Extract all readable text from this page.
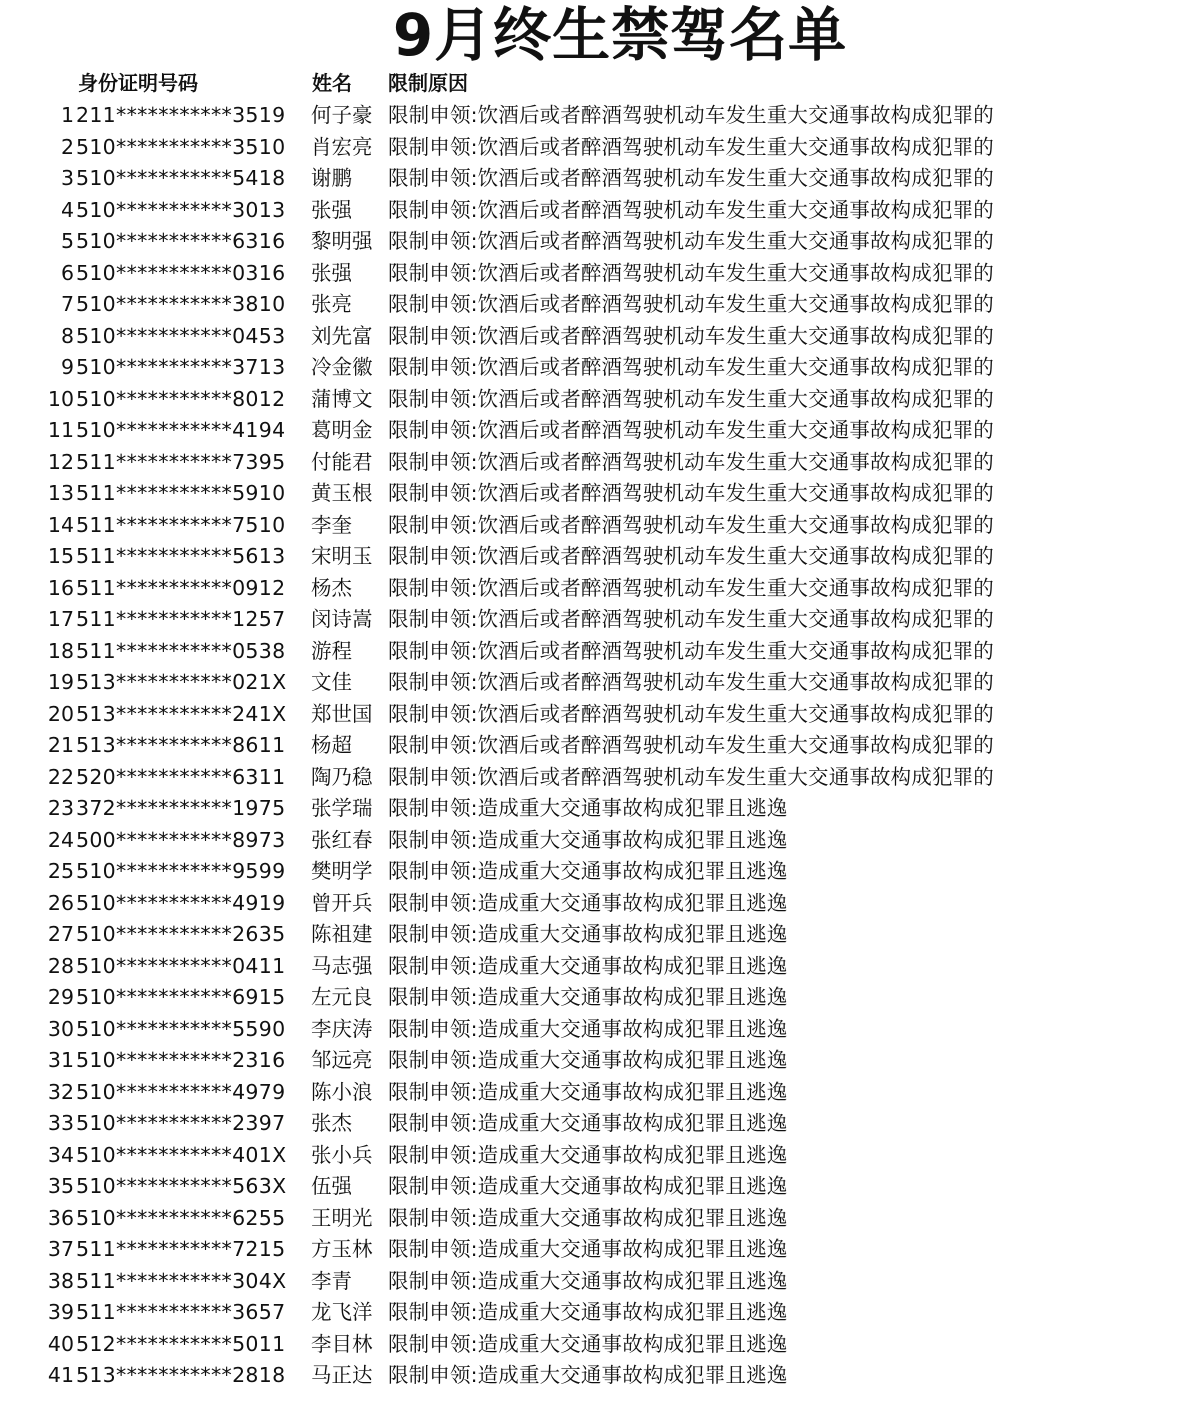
9月终生禁驾名单
身份证明号码	姓名 限制原因
1 211***********3519 何子豪 限制申领:饮酒后或者醉酒驾驶机动车发生重大交通事故构成犯罪的
2 510***********3510 肖宏亮 限制申领:饮酒后或者醉酒驾驶机动车发生重大交通事故构成犯罪的
3 510***********5418 谢鹏 限制申领:饮酒后或者醉酒驾驶机动车发生重大交通事故构成犯罪的
4 510***********3013 张强 限制申领:饮酒后或者醉酒驾驶机动车发生重大交通事故构成犯罪的
5 510***********6316 黎明强 限制申领:饮酒后或者醉酒驾驶机动车发生重大交通事故构成犯罪的
6 510***********0316 张强 限制申领:饮酒后或者醉酒驾驶机动车发生重大交通事故构成犯罪的
7 510***********3810 张亮 限制申领:饮酒后或者醉酒驾驶机动车发生重大交通事故构成犯罪的
8 510***********0453 刘先富 限制申领:饮酒后或者醉酒驾驶机动车发生重大交通事故构成犯罪的
9 510***********3713 冷金徽 限制申领:饮酒后或者醉酒驾驶机动车发生重大交通事故构成犯罪的
10 510***********8012 蒲博文 限制申领:饮酒后或者醉酒驾驶机动车发生重大交通事故构成犯罪的
11 510***********4194 葛明金 限制申领:饮酒后或者醉酒驾驶机动车发生重大交通事故构成犯罪的
12 511***********7395 付能君 限制申领:饮酒后或者醉酒驾驶机动车发生重大交通事故构成犯罪的
13 511***********5910 黄玉根 限制申领:饮酒后或者醉酒驾驶机动车发生重大交通事故构成犯罪的
14 511***********7510 李奎 限制申领:饮酒后或者醉酒驾驶机动车发生重大交通事故构成犯罪的
15 511***********5613 宋明玉 限制申领:饮酒后或者醉酒驾驶机动车发生重大交通事故构成犯罪的
16 511***********0912 杨杰 限制申领:饮酒后或者醉酒驾驶机动车发生重大交通事故构成犯罪的
17 511***********1257 闵诗嵩 限制申领:饮酒后或者醉酒驾驶机动车发生重大交通事故构成犯罪的
18 511***********0538 游程 限制申领:饮酒后或者醉酒驾驶机动车发生重大交通事故构成犯罪的
19 513***********021X 文佳 限制申领:饮酒后或者醉酒驾驶机动车发生重大交通事故构成犯罪的
20 513***********241X 郑世国 限制申领:饮酒后或者醉酒驾驶机动车发生重大交通事故构成犯罪的
21 513***********8611 杨超 限制申领:饮酒后或者醉酒驾驶机动车发生重大交通事故构成犯罪的
22 520***********6311 陶乃稳 限制申领:饮酒后或者醉酒驾驶机动车发生重大交通事故构成犯罪的
23 372***********1975 张学瑞 限制申领:造成重大交通事故构成犯罪且逃逸
24 500***********8973 张红春 限制申领:造成重大交通事故构成犯罪且逃逸
25 510***********9599 樊明学 限制申领:造成重大交通事故构成犯罪且逃逸
26 510***********4919 曾开兵 限制申领:造成重大交通事故构成犯罪且逃逸
27 510***********2635 陈祖建 限制申领:造成重大交通事故构成犯罪且逃逸
28 510***********0411 马志强 限制申领:造成重大交通事故构成犯罪且逃逸
29 510***********6915 左元良 限制申领:造成重大交通事故构成犯罪且逃逸
30 510***********5590 李庆涛 限制申领:造成重大交通事故构成犯罪且逃逸
31 510***********2316 邹远亮 限制申领:造成重大交通事故构成犯罪且逃逸
32 510***********4979 陈小浪 限制申领:造成重大交通事故构成犯罪且逃逸
33 510***********2397 张杰 限制申领:造成重大交通事故构成犯罪且逃逸
34 510***********401X 张小兵 限制申领:造成重大交通事故构成犯罪且逃逸
35 510***********563X 伍强 限制申领:造成重大交通事故构成犯罪且逃逸
36 510***********6255 王明光 限制申领:造成重大交通事故构成犯罪且逃逸
37 511***********7215 方玉林 限制申领:造成重大交通事故构成犯罪且逃逸
38 511***********304X 李青 限制申领:造成重大交通事故构成犯罪且逃逸
39 511***********3657 龙飞洋 限制申领:造成重大交通事故构成犯罪且逃逸
40 512***********5011 李目林 限制申领:造成重大交通事故构成犯罪且逃逸
41 513***********2818 马正达 限制申领:造成重大交通事故构成犯罪且逃逸
